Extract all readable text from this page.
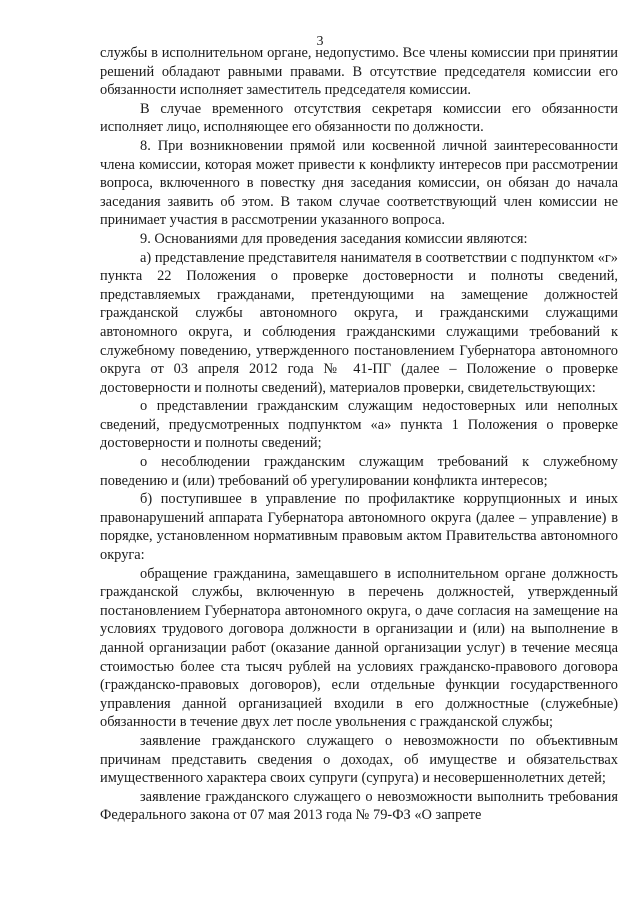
3

службы в исполнительном органе, недопустимо. Все члены комиссии при принятии решений обладают равными правами. В отсутствие председателя комиссии его обязанности исполняет заместитель председателя комиссии.

В случае временного отсутствия секретаря комиссии его обязанности исполняет лицо, исполняющее его обязанности по должности.

8. При возникновении прямой или косвенной личной заинтересованности члена комиссии, которая может привести к конфликту интересов при рассмотрении вопроса, включенного в повестку дня заседания комиссии, он обязан до начала заседания заявить об этом. В таком случае соответствующий член комиссии не принимает участия в рассмотрении указанного вопроса.

9. Основаниями для проведения заседания комиссии являются:

а) представление представителя нанимателя в соответствии с подпунктом «г» пункта 22 Положения о проверке достоверности и полноты сведений, представляемых гражданами, претендующими на замещение должностей гражданской службы автономного округа, и гражданскими служащими автономного округа, и соблюдения гражданскими служащими требований к служебному поведению, утвержденного постановлением Губернатора автономного округа от 03 апреля 2012 года № 41-ПГ (далее – Положение о проверке достоверности и полноты сведений), материалов проверки, свидетельствующих:

о представлении гражданским служащим недостоверных или неполных сведений, предусмотренных подпунктом «а» пункта 1 Положения о проверке достоверности и полноты сведений;

о несоблюдении гражданским служащим требований к служебному поведению и (или) требований об урегулировании конфликта интересов;

б) поступившее в управление по профилактике коррупционных и иных правонарушений аппарата Губернатора автономного округа (далее – управление) в порядке, установленном нормативным правовым актом Правительства автономного округа:

обращение гражданина, замещавшего в исполнительном органе должность гражданской службы, включенную в перечень должностей, утвержденный постановлением Губернатора автономного округа, о даче согласия на замещение на условиях трудового договора должности в организации и (или) на выполнение в данной организации работ (оказание данной организации услуг) в течение месяца стоимостью более ста тысяч рублей на условиях гражданско-правового договора (гражданско-правовых договоров), если отдельные функции государственного управления данной организацией входили в его должностные (служебные) обязанности в течение двух лет после увольнения с гражданской службы;

заявление гражданского служащего о невозможности по объективным причинам представить сведения о доходах, об имуществе и обязательствах имущественного характера своих супруги (супруга) и несовершеннолетних детей;

заявление гражданского служащего о невозможности выполнить требования Федерального закона от 07 мая 2013 года № 79-ФЗ «О запрете
